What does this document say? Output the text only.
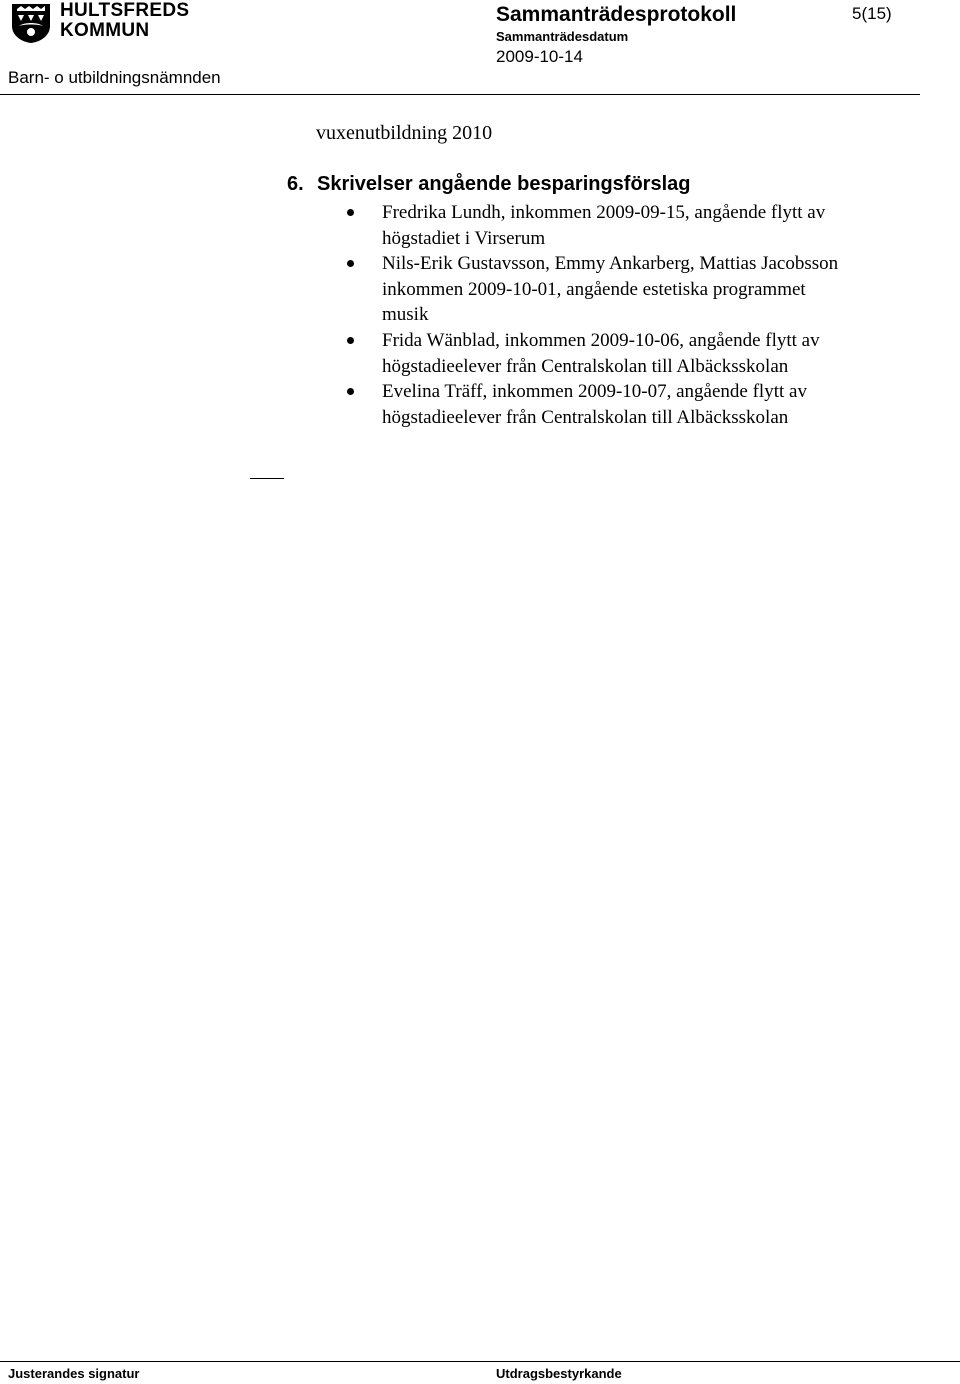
HULTSFREDS
KOMMUN
Sammanträdesprotokoll	5(15)
Sammanträdesdatum
2009-10-14
Barn- o utbildningsnämnden
vuxenutbildning 2010
6. Skrivelser angående besparingsförslag
Fredrika Lundh, inkommen 2009-09-15, angående flytt av
högstadiet i Virserum
Nils-Erik Gustavsson, Emmy Ankarberg, Mattias Jacobsson
inkommen 2009-10-01, angående estetiska programmet
musik
Frida Wänblad, inkommen 2009-10-06, angående flytt av
högstadieelever från Centralskolan till Albäcksskolan
Evelina Träff, inkommen 2009-10-07, angående flytt av
högstadieelever från Centralskolan till Albäcksskolan
Justerandes signatur	Utdragsbestyrkande
